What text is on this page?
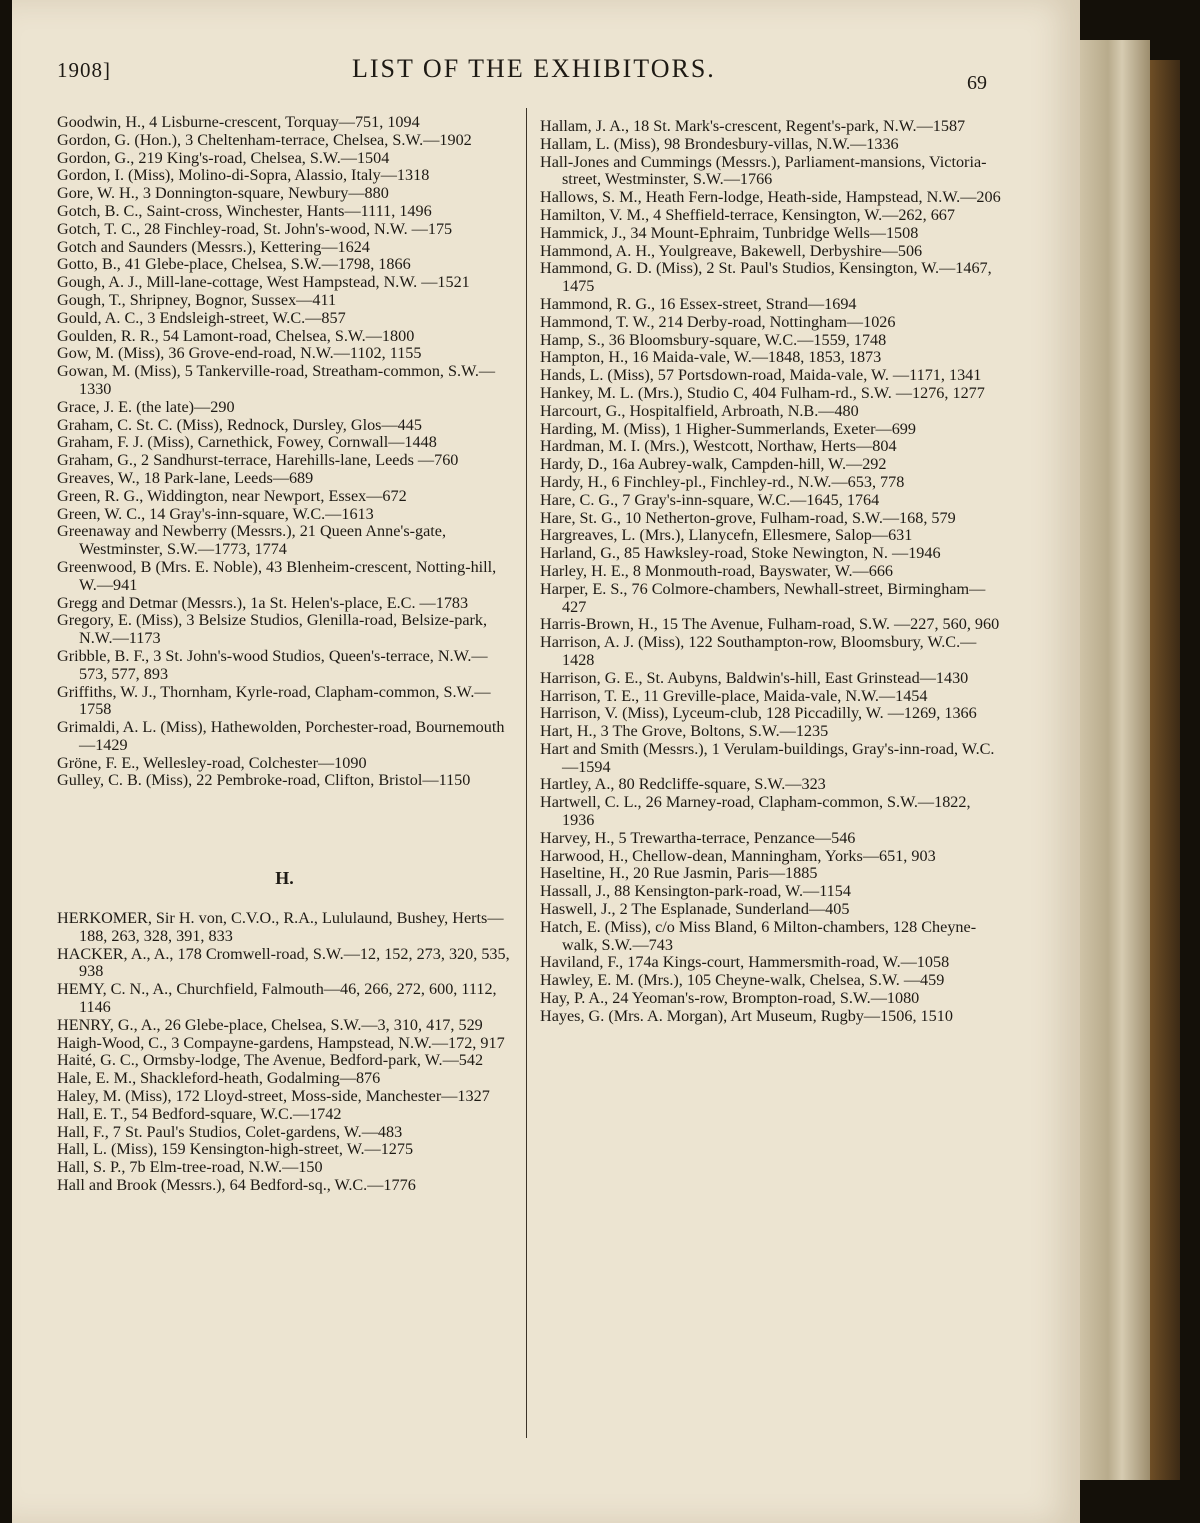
1908]	LIST OF THE EXHIBITORS.	69

Goodwin, H., 4 Lisburne-crescent, Torquay—751, 1094

Gordon, G. (Hon.), 3 Cheltenham-terrace, Chelsea, S.W.—1902

Gordon, G., 219 King's-road, Chelsea, S.W.—1504

Gordon, I. (Miss), Molino-di-Sopra, Alassio, Italy—1318

Gore, W. H., 3 Donnington-square, Newbury—880

Gotch, B. C., Saint-cross, Winchester, Hants—1111, 1496

Gotch, T. C., 28 Finchley-road, St. John's-wood, N.W. —175

Gotch and Saunders (Messrs.), Kettering—1624

Gotto, B., 41 Glebe-place, Chelsea, S.W.—1798, 1866

Gough, A. J., Mill-lane-cottage, West Hampstead, N.W. —1521

Gough, T., Shripney, Bognor, Sussex—411

Gould, A. C., 3 Endsleigh-street, W.C.—857

Goulden, R. R., 54 Lamont-road, Chelsea, S.W.—1800

Gow, M. (Miss), 36 Grove-end-road, N.W.—1102, 1155

Gowan, M. (Miss), 5 Tankerville-road, Streatham-common, S.W.—1330

Grace, J. E. (the late)—290

Graham, C. St. C. (Miss), Rednock, Dursley, Glos—445

Graham, F. J. (Miss), Carnethick, Fowey, Cornwall—1448

Graham, G., 2 Sandhurst-terrace, Harehills-lane, Leeds —760

Greaves, W., 18 Park-lane, Leeds—689

Green, R. G., Widdington, near Newport, Essex—672

Green, W. C., 14 Gray's-inn-square, W.C.—1613

Greenaway and Newberry (Messrs.), 21 Queen Anne's-gate, Westminster, S.W.—1773, 1774

Greenwood, B (Mrs. E. Noble), 43 Blenheim-crescent, Notting-hill, W.—941

Gregg and Detmar (Messrs.), 1a St. Helen's-place, E.C. —1783

Gregory, E. (Miss), 3 Belsize Studios, Glenilla-road, Belsize-park, N.W.—1173

Gribble, B. F., 3 St. John's-wood Studios, Queen's-terrace, N.W.—573, 577, 893

Griffiths, W. J., Thornham, Kyrle-road, Clapham-common, S.W.—1758

Grimaldi, A. L. (Miss), Hathewolden, Porchester-road, Bournemouth—1429

Gröne, F. E., Wellesley-road, Colchester—1090

Gulley, C. B. (Miss), 22 Pembroke-road, Clifton, Bristol—1150

H.

HERKOMER, Sir H. von, C.V.O., R.A., Lululaund, Bushey, Herts—188, 263, 328, 391, 833

HACKER, A., A., 178 Cromwell-road, S.W.—12, 152, 273, 320, 535, 938

HEMY, C. N., A., Churchfield, Falmouth—46, 266, 272, 600, 1112, 1146

HENRY, G., A., 26 Glebe-place, Chelsea, S.W.—3, 310, 417, 529

Haigh-Wood, C., 3 Compayne-gardens, Hampstead, N.W.—172, 917

Haité, G. C., Ormsby-lodge, The Avenue, Bedford-park, W.—542

Hale, E. M., Shackleford-heath, Godalming—876

Haley, M. (Miss), 172 Lloyd-street, Moss-side, Manchester—1327

Hall, E. T., 54 Bedford-square, W.C.—1742

Hall, F., 7 St. Paul's Studios, Colet-gardens, W.—483

Hall, L. (Miss), 159 Kensington-high-street, W.—1275

Hall, S. P., 7b Elm-tree-road, N.W.—150

Hall and Brook (Messrs.), 64 Bedford-sq., W.C.—1776

Hallam, J. A., 18 St. Mark's-crescent, Regent's-park, N.W.—1587

Hallam, L. (Miss), 98 Brondesbury-villas, N.W.—1336

Hall-Jones and Cummings (Messrs.), Parliament-mansions, Victoria-street, Westminster, S.W.—1766

Hallows, S. M., Heath Fern-lodge, Heath-side, Hampstead, N.W.—206

Hamilton, V. M., 4 Sheffield-terrace, Kensington, W.—262, 667

Hammick, J., 34 Mount-Ephraim, Tunbridge Wells—1508

Hammond, A. H., Youlgreave, Bakewell, Derbyshire—506

Hammond, G. D. (Miss), 2 St. Paul's Studios, Kensington, W.—1467, 1475

Hammond, R. G., 16 Essex-street, Strand—1694

Hammond, T. W., 214 Derby-road, Nottingham—1026

Hamp, S., 36 Bloomsbury-square, W.C.—1559, 1748

Hampton, H., 16 Maida-vale, W.—1848, 1853, 1873

Hands, L. (Miss), 57 Portsdown-road, Maida-vale, W. —1171, 1341

Hankey, M. L. (Mrs.), Studio C, 404 Fulham-rd., S.W. —1276, 1277

Harcourt, G., Hospitalfield, Arbroath, N.B.—480

Harding, M. (Miss), 1 Higher-Summerlands, Exeter—699

Hardman, M. I. (Mrs.), Westcott, Northaw, Herts—804

Hardy, D., 16a Aubrey-walk, Campden-hill, W.—292

Hardy, H., 6 Finchley-pl., Finchley-rd., N.W.—653, 778

Hare, C. G., 7 Gray's-inn-square, W.C.—1645, 1764

Hare, St. G., 10 Netherton-grove, Fulham-road, S.W.—168, 579

Hargreaves, L. (Mrs.), Llanycefn, Ellesmere, Salop—631

Harland, G., 85 Hawksley-road, Stoke Newington, N. —1946

Harley, H. E., 8 Monmouth-road, Bayswater, W.—666

Harper, E. S., 76 Colmore-chambers, Newhall-street, Birmingham—427

Harris-Brown, H., 15 The Avenue, Fulham-road, S.W. —227, 560, 960

Harrison, A. J. (Miss), 122 Southampton-row, Bloomsbury, W.C.—1428

Harrison, G. E., St. Aubyns, Baldwin's-hill, East Grinstead—1430

Harrison, T. E., 11 Greville-place, Maida-vale, N.W.—1454

Harrison, V. (Miss), Lyceum-club, 128 Piccadilly, W. —1269, 1366

Hart, H., 3 The Grove, Boltons, S.W.—1235

Hart and Smith (Messrs.), 1 Verulam-buildings, Gray's-inn-road, W.C.—1594

Hartley, A., 80 Redcliffe-square, S.W.—323

Hartwell, C. L., 26 Marney-road, Clapham-common, S.W.—1822, 1936

Harvey, H., 5 Trewartha-terrace, Penzance—546

Harwood, H., Chellow-dean, Manningham, Yorks—651, 903

Haseltine, H., 20 Rue Jasmin, Paris—1885

Hassall, J., 88 Kensington-park-road, W.—1154

Haswell, J., 2 The Esplanade, Sunderland—405

Hatch, E. (Miss), c/o Miss Bland, 6 Milton-chambers, 128 Cheyne-walk, S.W.—743

Haviland, F., 174a Kings-court, Hammersmith-road, W.—1058

Hawley, E. M. (Mrs.), 105 Cheyne-walk, Chelsea, S.W. —459

Hay, P. A., 24 Yeoman's-row, Brompton-road, S.W.—1080

Hayes, G. (Mrs. A. Morgan), Art Museum, Rugby—1506, 1510
